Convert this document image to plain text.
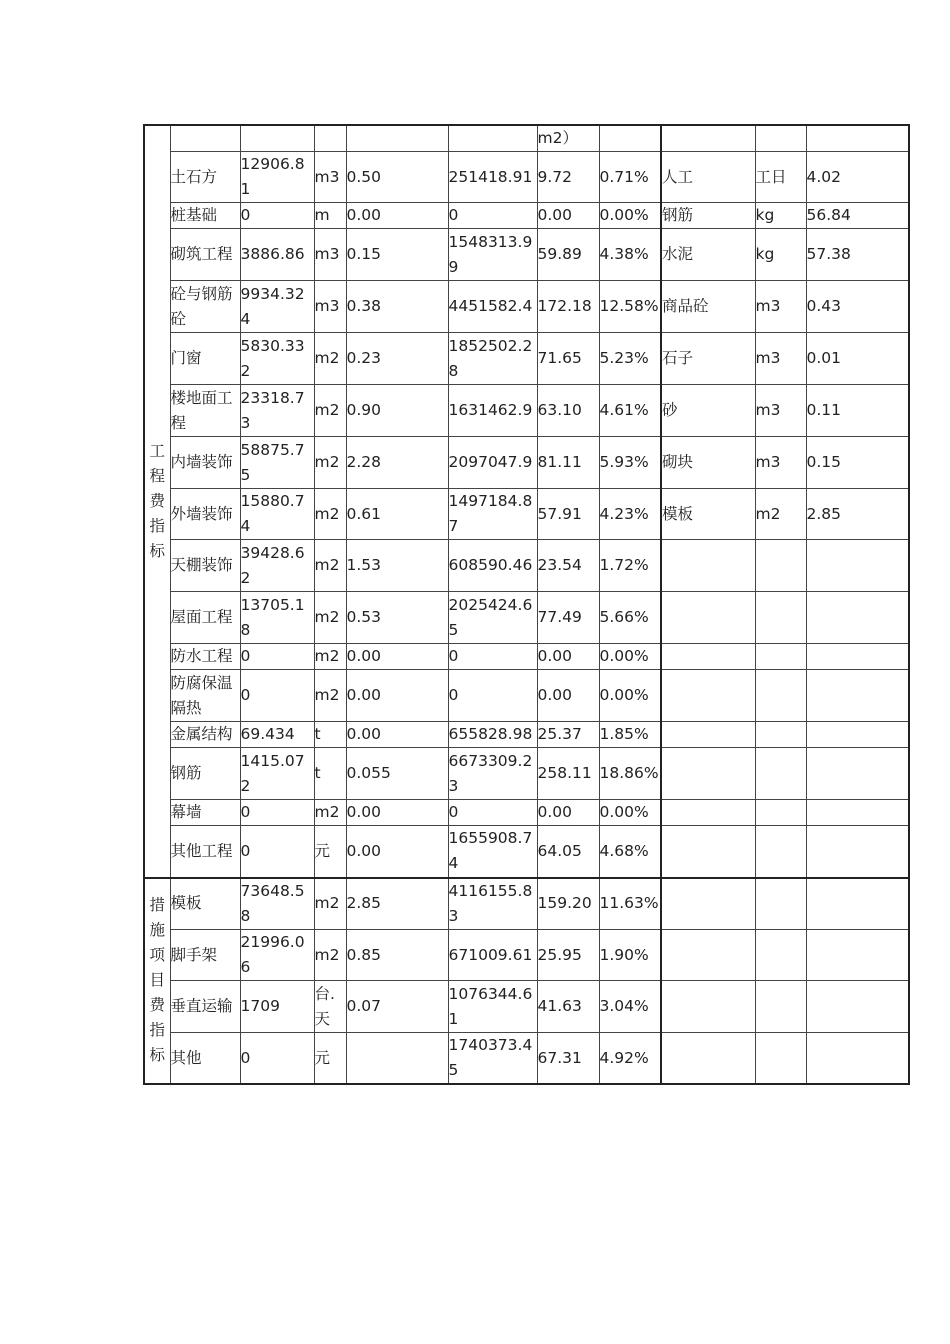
工程费指标						m2）				
	土石方	12906.81	m3	0.50	251418.91	9.72	0.71%	人工	工日	4.02
	桩基础	0	m	0.00	0	0.00	0.00%	钢筋	kg	56.84
	砌筑工程	3886.86	m3	0.15	1548313.99	59.89	4.38%	水泥	kg	57.38
	砼与钢筋砼	9934.324	m3	0.38	4451582.4	172.18	12.58%	商品砼	m3	0.43
	门窗	5830.332	m2	0.23	1852502.28	71.65	5.23%	石子	m3	0.01
	楼地面工程	23318.73	m2	0.90	1631462.9	63.10	4.61%	砂	m3	0.11
	内墙装饰	58875.75	m2	2.28	2097047.9	81.11	5.93%	砌块	m3	0.15
	外墙装饰	15880.74	m2	0.61	1497184.87	57.91	4.23%	模板	m2	2.85
	天棚装饰	39428.62	m2	1.53	608590.46	23.54	1.72%			
	屋面工程	13705.18	m2	0.53	2025424.65	77.49	5.66%			
	防水工程	0	m2	0.00	0	0.00	0.00%			
	防腐保温隔热	0	m2	0.00	0	0.00	0.00%			
	金属结构	69.434	t	0.00	655828.98	25.37	1.85%			
	钢筋	1415.072	t	0.055	6673309.23	258.11	18.86%			
	幕墙	0	m2	0.00	0	0.00	0.00%			
	其他工程	0	元	0.00	1655908.74	64.05	4.68%			

措施项目费指标	模板	73648.58	m2	2.85	4116155.83	159.20	11.63%			
	脚手架	21996.06	m2	0.85	671009.61	25.95	1.90%			
	垂直运输	1709	台.天	0.07	1076344.61	41.63	3.04%			
	其他	0	元		1740373.45	67.31	4.92%			
